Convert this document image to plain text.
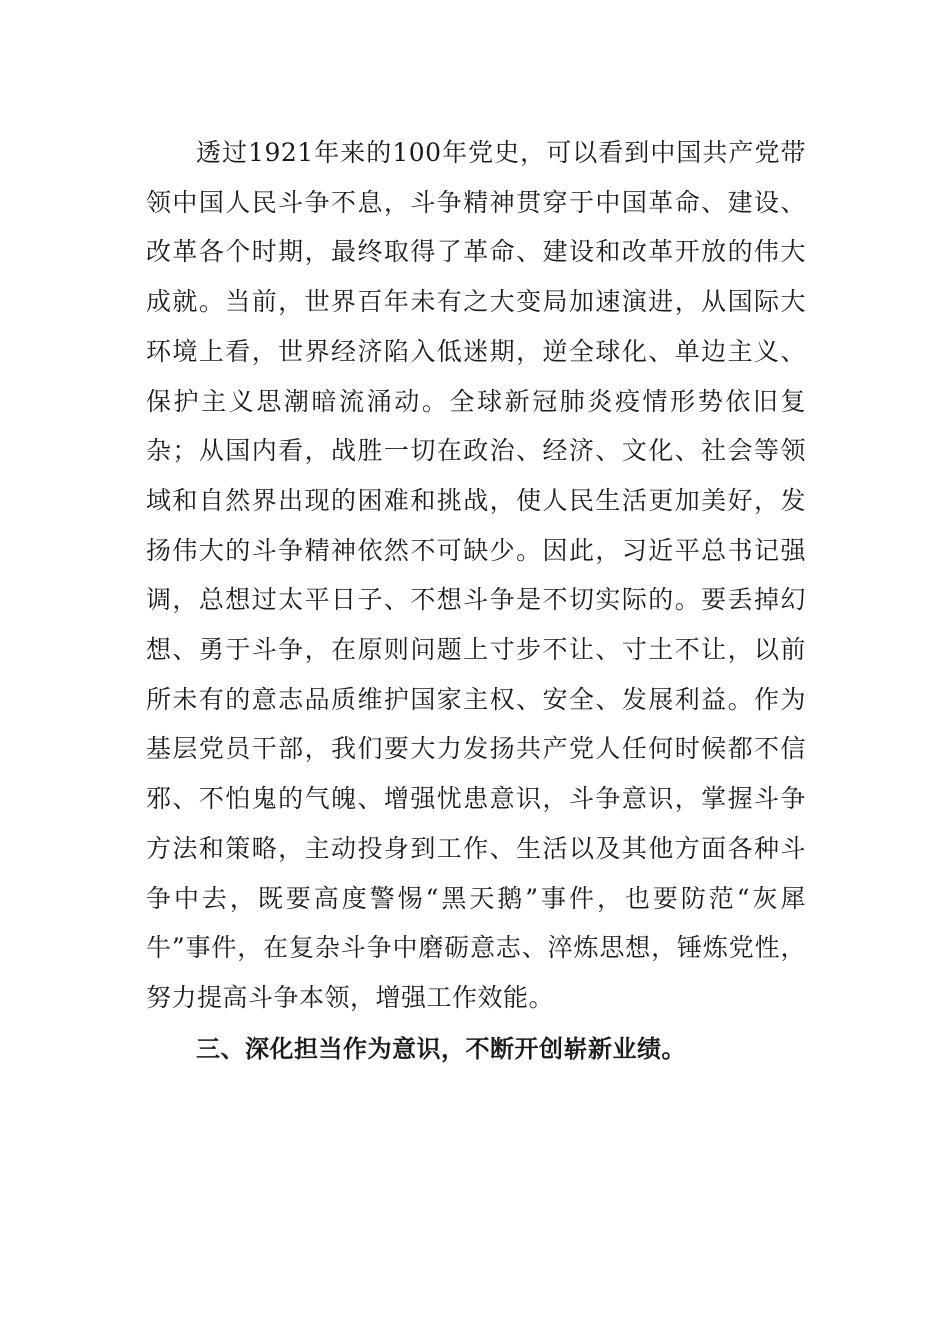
透过1921年来的100年党史，可以看到中国共产党带领中国人民斗争不息，斗争精神贯穿于中国革命、建设、改革各个时期，最终取得了革命、建设和改革开放的伟大成就。当前，世界百年未有之大变局加速演进，从国际大环境上看，世界经济陷入低迷期，逆全球化、单边主义、保护主义思潮暗流涌动。全球新冠肺炎疫情形势依旧复杂；从国内看，战胜一切在政治、经济、文化、社会等领域和自然界出现的困难和挑战，使人民生活更加美好，发扬伟大的斗争精神依然不可缺少。因此，习近平总书记强调，总想过太平日子、不想斗争是不切实际的。要丢掉幻想、勇于斗争，在原则问题上寸步不让、寸土不让，以前所未有的意志品质维护国家主权、安全、发展利益。作为基层党员干部，我们要大力发扬共产党人任何时候都不信邪、不怕鬼的气魄、增强忧患意识，斗争意识，掌握斗争方法和策略，主动投身到工作、生活以及其他方面各种斗争中去，既要高度警惕“黑天鹅”事件，也要防范“灰犀牛”事件，在复杂斗争中磨砺意志、淬炼思想，锤炼党性，努力提高斗争本领，增强工作效能。

三、深化担当作为意识，不断开创崭新业绩。
